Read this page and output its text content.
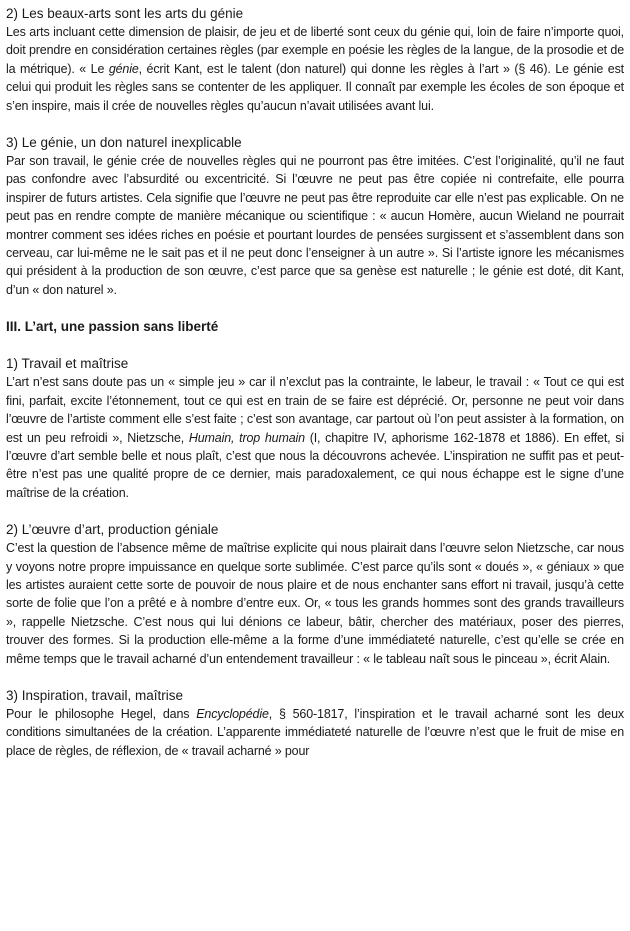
2) Les beaux-arts sont les arts du génie

Les arts incluant cette dimension de plaisir, de jeu et de liberté sont ceux du génie qui, loin de faire n’importe quoi, doit prendre en considération certaines règles (par exemple en poésie les règles de la langue, de la prosodie et de la métrique). « Le génie, écrit Kant, est le talent (don naturel) qui donne les règles à l’art » (§ 46). Le génie est celui qui produit les règles sans se contenter de les appliquer. Il connaît par exemple les écoles de son époque et s’en inspire, mais il crée de nouvelles règles qu’aucun n’avait utilisées avant lui.

3) Le génie, un don naturel inexplicable

Par son travail, le génie crée de nouvelles règles qui ne pourront pas être imitées. C’est l’originalité, qu’il ne faut pas confondre avec l’absurdité ou excentricité. Si l’œuvre ne peut pas être copiée ni contrefaite, elle pourra inspirer de futurs artistes. Cela signifie que l’œuvre ne peut pas être reproduite car elle n’est pas explicable. On ne peut pas en rendre compte de manière mécanique ou scientifique : « aucun Homère, aucun Wieland ne pourrait montrer comment ses idées riches en poésie et pourtant lourdes de pensées surgissent et s’assemblent dans son cerveau, car lui-même ne le sait pas et il ne peut donc l’enseigner à un autre ». Si l’artiste ignore les mécanismes qui président à la production de son œuvre, c’est parce que sa genèse est naturelle ; le génie est doté, dit Kant, d’un « don naturel ».

III. L’art, une passion sans liberté
1) Travail et maîtrise

L’art n’est sans doute pas un « simple jeu » car il n’exclut pas la contrainte, le labeur, le travail : « Tout ce qui est fini, parfait, excite l’étonnement, tout ce qui est en train de se faire est déprécié. Or, personne ne peut voir dans l’œuvre de l’artiste comment elle s’est faite ; c’est son avantage, car partout où l’on peut assister à la formation, on est un peu refroidi », Nietzsche, Humain, trop humain (I, chapitre IV, aphorisme 162-1878 et 1886). En effet, si l’œuvre d’art semble belle et nous plaît, c’est que nous la découvrons achevée. L’inspiration ne suffit pas et peut-être n’est pas une qualité propre de ce dernier, mais paradoxalement, ce qui nous échappe est le signe d’une maîtrise de la création.

2) L’œuvre d’art, production géniale

C’est la question de l’absence même de maîtrise explicite qui nous plairait dans l’œuvre selon Nietzsche, car nous y voyons notre propre impuissance en quelque sorte sublimée. C’est parce qu’ils sont « doués », « géniaux » que les artistes auraient cette sorte de pouvoir de nous plaire et de nous enchanter sans effort ni travail, jusqu’à cette sorte de folie que l’on a prêté e à nombre d’entre eux. Or, « tous les grands hommes sont des grands travailleurs », rappelle Nietzsche. C’est nous qui lui dénions ce labeur, bâtir, chercher des matériaux, poser des pierres, trouver des formes. Si la production elle-même a la forme d’une immédiateté naturelle, c’est qu’elle se crée en même temps que le travail acharné d’un entendement travailleur : « le tableau naît sous le pinceau », écrit Alain.

3) Inspiration, travail, maîtrise

Pour le philosophe Hegel, dans Encyclopédie, § 560-1817, l’inspiration et le travail acharné sont les deux conditions simultanées de la création. L’apparente immédiateté naturelle de l’œuvre n’est que le fruit de mise en place de règles, de réflexion, de « travail acharné » pour
